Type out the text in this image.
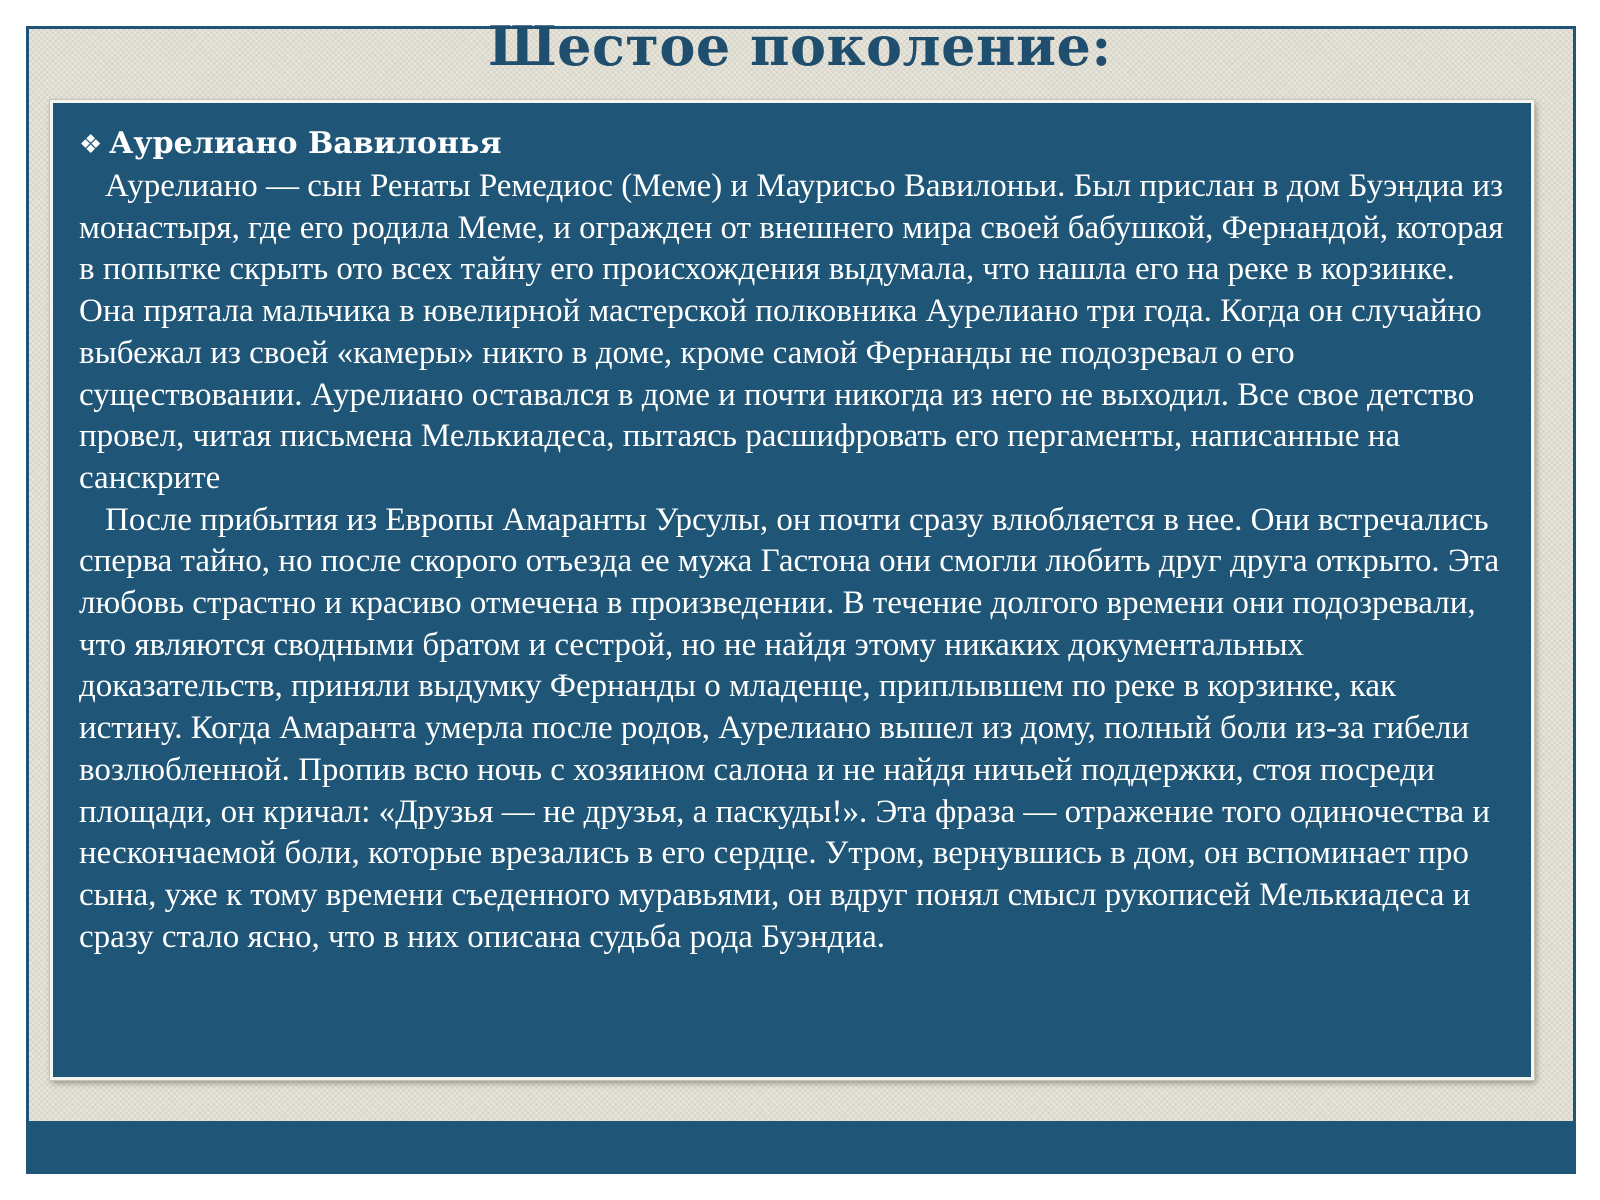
Шестое поколение:
❖ Аурелиано Вавилонья

Аурелиано — сын Ренаты Ремедиос (Меме) и Маурисьо Вавилоньи. Был прислан в дом Буэндиа из монастыря, где его родила Меме, и огражден от внешнего мира своей бабушкой, Фернандой, которая в попытке скрыть ото всех тайну его происхождения выдумала, что нашла его на реке в корзинке. Она прятала мальчика в ювелирной мастерской полковника Аурелиано три года. Когда он случайно выбежал из своей «камеры» никто в доме, кроме самой Фернанды не подозревал о его существовании. Аурелиано оставался в доме и почти никогда из него не выходил. Все свое детство провел, читая письмена Мелькиадеса, пытаясь расшифровать его пергаменты, написанные на санскрите

После прибытия из Европы Амаранты Урсулы, он почти сразу влюбляется в нее. Они встречались сперва тайно, но после скорого отъезда ее мужа Гастона они смогли любить друг друга открыто. Эта любовь страстно и красиво отмечена в произведении. В течение долгого времени они подозревали, что являются сводными братом и сестрой, но не найдя этому никаких документальных доказательств, приняли выдумку Фернанды о младенце, приплывшем по реке в корзинке, как истину. Когда Амаранта умерла после родов, Аурелиано вышел из дому, полный боли из-за гибели возлюбленной. Пропив всю ночь с хозяином салона и не найдя ничьей поддержки, стоя посреди площади, он кричал: «Друзья — не друзья, а паскуды!». Эта фраза — отражение того одиночества и нескончаемой боли, которые врезались в его сердце. Утром, вернувшись в дом, он вспоминает про сына, уже к тому времени съеденного муравьями, он вдруг понял смысл рукописей Мелькиадеса и сразу стало ясно, что в них описана судьба рода Буэндиа.
